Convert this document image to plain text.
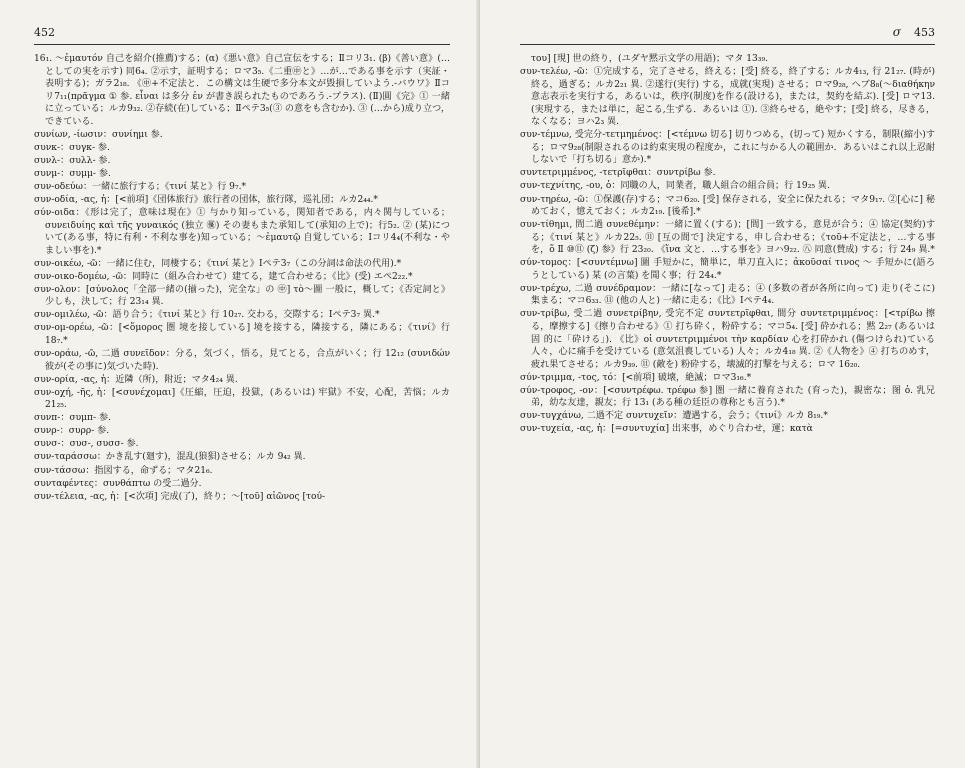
452

16₁. 〜ἐμαυτόν 自己を紹介(推薦)する；(α)《悪い意》自己宣伝をする；Ⅱコリ3₁. (β)《善い意》(…としての実を示す) 同6₄. ②示す，証明する；ロマ3₅.《二重㊥と》…が…である事を示す（実証・表明する)；ガラ2₁₈. 《㊥+不定法と．この構文は生硬で多分本文が毀損していよう.-バウワ》Ⅱコリ7₁₁(πρᾶγμα ① 参. εἶναι は多分 ἐν が書き誤られたものであろう.-プラス). (Ⅱ)圓《完》① 一緒に立っている；ルカ9₃₂. ②存続(在)している；Ⅱペテ3₅(③ の意をも含むか). ③ (…から)成り立つ，できている.

συνίων, -ίωσιν：συνίημι 参.

συνκ-：συγκ- 参.

συνλ-：συλλ- 参.

συνμ-：συμμ- 参.

συν-οδεύω：一緒に旅行する；《τινί 某と》行 9₇.*

συν-οδία, -ας, ἡ：[<前項]《団体旅行》旅行者の団体，旅行隊，巡礼団；ルカ2₄₄.*

σύν-οιδα：《形は完了，意味は現在》① 与かり知っている，関知者である，内々関与している；συνειδυίης καὶ τῆς γυναικός (独立 ㊝) その妻もまた承知して(承知の上で)；行5₂. ② (某)について(ある事，特に有利・不利な事を)知っている；〜ἐμαυτῷ 自覚している；Ⅰコリ4₄(不利な・やましい事を).*

συν-οικέω, -ῶ：一緒に住む，同棲する；《τινί 某と》Ⅰペテ3₇（この分詞は命法の代用).*

συν-οικο-δομέω, -ῶ：同時に（組み合わせて）建てる，建て合わせる；《比》(受) エペ2₂₂.*

συν-ολον：[σύνολος「全部一緒の(揃った)，完全な」の ㊥] τὸ〜圖 一般に，概して；《否定詞と》少しも，決して；行 23₁₄ 異.

συν-ομιλέω, -ῶ：語り合う；《τινί 某と》行 10₂₇. 交わる，交際する；Ⅰペテ3₇ 異.*

συν-ομ-ορέω, -ῶ：[<ὅμορος 圏 境を接している] 境を接する，隣接する，隣にある；《τινί》行 18₇.*

συν-οράω, -ῶ, 二過 συνεῖδον：分る，気づく，悟る，見てとる，合点がいく；行 12₁₂ (συνιδών 彼が(その事に)気づいた時).

συν-ορία, -ας, ἡ：近隣（所)，附近；マタ4₂₄ 異.

συν-οχή, -ῆς, ἡ：[<συνέχομαι]《圧縮，圧迫，投獄，(あるいは) 牢獄》不安，心配，苦悩；ルカ21₂₅.

συνπ-：συμπ- 参.

συνρ-：συρρ- 参.

συνσ-：συσ-, συσσ- 参.

συν-ταράσσω：かき乱す(廻す)，混乱(狼狽)させる；ルカ 9₄₂ 異.

συν-τάσσω：指図する，命ずる；マタ21₆.

συνταφέντες：συνθάπτω の受二過分.

συν-τέλεια, -ας, ἡ：[<次項] 完成(了)，終り；〜[τοῦ] αἰῶνος [τού-

σ 453

του] [現] 世の終り，(ユダヤ黙示文学の用語)；マタ 13₃₉.

συν-τελέω, -ῶ：①完成する，完了させる，終える；[受] 終る，終了する；ルカ4₁₃, 行 21₂₇. (時が) 終る，過ぎる；ルカ2₂₁ 異. ②遂行(実行) する，成就(実現) させる；ロマ9₂₈, ヘブ8₈(〜διαθήκην 意志表示を実行する，あるいは，秩序(制度)を作る(設ける)，または，契約を結ぶ). [受] ロマ13. (実現する，または単に，起こる,生ずる．あるいは ①). ③終らせる，絶やす；[受] 終る，尽きる，なくなる；ヨハ2₃ 異.

συν-τέμνω, 受完分-τετμημένος：[<τέμνω 切る] 切りつめる，(切って) 短かくする，制限(縮小)する；ロマ9₂₈(制限されるのは約束実現の程度か，これに与かる人の範囲か．あるいはこれ以上忍耐しないで「打ち切る」意か).*

συντετριμμένος, -τετρῖφθαι：συντρίβω 参.

συν-τεχνίτης, -ου, ὁ：同職の人，同業者，職人組合の組合員；行 19₂₅ 異.

συν-τηρέω, -ῶ：①保護(存)する；マコ6₂₀. [受] 保存される，安全に保たれる；マタ9₁₇. ②[心に] 秘めておく，憶えておく；ルカ2₁₉. [後希].*

συν-τίθημι, 間二過 συνεθέμην：一緒に置く(する)；[間] 一致する，意見が合う；④ 協定(契約)する；《τινί 某と》ルカ22₅. ⑪ [互の間で] 決定する，申し合わせる；《τοῦ+不定法と，…する事を，ὅ Ⅱ ⑩⑪ (ζ) 参》行 23₂₀. 《ἵνα 文と．…する事を》ヨハ9₂₂. ㊇ 同意(賛成) する；行 24₉ 異.*

σύν-τομος：[<συντέμνω] 圖 手短かに，簡単に，単刀直入に；ἀκοῦσαί τινος 〜 手短かに(語ろうとしている) 某 (の言葉) を聞く事；行 24₄.*

συν-τρέχω, 二過 συνέδραμον：一緒に[なって] 走る；④ (多数の者が各所に向って) 走り(そこに) 集まる；マコ6₃₃. ⑪ (他の人と) 一緒に走る；《比》Ⅰペテ4₄.

συν-τρίβω, 受二過 συνετρίβην, 受完不定 συντετρῖφθαι, 間分 συντετριμμένος：[<τρίβω 擦る，摩擦する]《擦り合わせる》① 打ち砕く，粉砕する；マコ5₄. [受] 砕かれる；黙 2₂₇ (あるいは 固 的に「砕ける」). 《比》οἱ συντετριμμένοι τὴν καρδίαν 心を打砕かれ (傷つけられ)ている人々，心に痛手を受けている (意気沮喪している) 人々；ルカ4₁₈ 異. ②《人物を》④ 打ちのめす，疲れ果てさせる；ルカ9₃₉. ⑪ (敵を) 粉砕する，壊滅的打撃を与える；ロマ 16₂₀.

σύν-τριμμα, -τος, τό：[<前項] 破壊，絶滅；ロマ3₁₆.*

σύν-τροφος, -ον：[<συντρέφω. τρέφω 参] 圏 一緒に養育された (育った)，親密な；图 ὁ. 乳兄弟，幼な友達，親友；行 13₁ (ある種の廷臣の尊称とも言う).*

συν-τυγχάνω, 二過不定 συντυχεῖν：遭遇する，会う；《τινί》ルカ 8₁₉.*

συν-τυχεία, -ας, ἡ：[=συντυχία] 出来事，めぐり合わせ，運；κατὰ
